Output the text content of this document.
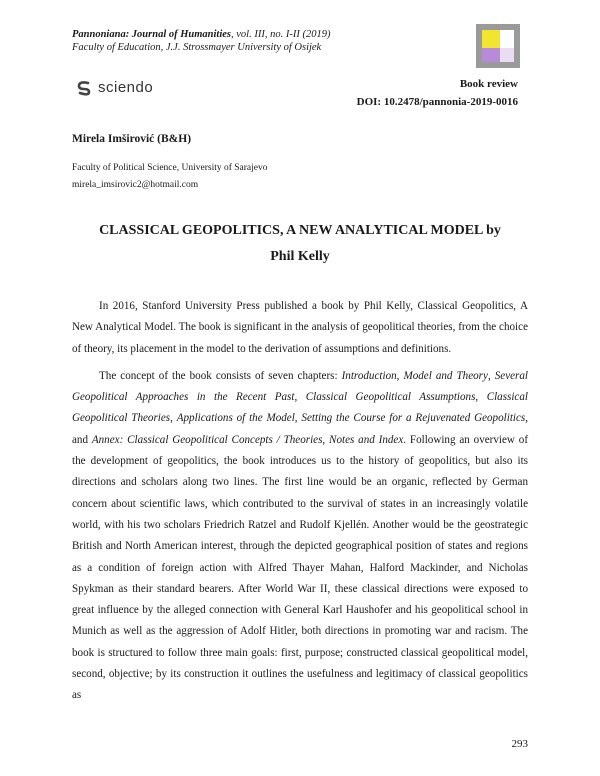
Pannoniana: Journal of Humanities, vol. III, no. I-II (2019)
Faculty of Education, J.J. Strossmayer University of Osijek
sciendo	Book review
DOI: 10.2478/pannonia-2019-0016
Mirela Imširović (B&H)
Faculty of Political Science, University of Sarajevo
mirela_imsirovic2@hotmail.com
CLASSICAL GEOPOLITICS, A NEW ANALYTICAL MODEL by
Phil Kelly

In 2016, Stanford University Press published a book by Phil Kelly, Classical Geopolitics, A New Analytical Model. The book is significant in the analysis of geopolitical theories, from the choice of theory, its placement in the model to the derivation of assumptions and definitions.

The concept of the book consists of seven chapters: Introduction, Model and Theory, Several Geopolitical Approaches in the Recent Past, Classical Geopolitical Assumptions, Classical Geopolitical Theories, Applications of the Model, Setting the Course for a Rejuvenated Geopolitics, and Annex: Classical Geopolitical Concepts / Theories, Notes and Index. Following an overview of the development of geopolitics, the book introduces us to the history of geopolitics, but also its directions and scholars along two lines. The first line would be an organic, reflected by German concern about scientific laws, which contributed to the survival of states in an increasingly volatile world, with his two scholars Friedrich Ratzel and Rudolf Kjellén. Another would be the geostrategic British and North American interest, through the depicted geographical position of states and regions as a condition of foreign action with Alfred Thayer Mahan, Halford Mackinder, and Nicholas Spykman as their standard bearers. After World War II, these classical directions were exposed to great influence by the alleged connection with General Karl Haushofer and his geopolitical school in Munich as well as the aggression of Adolf Hitler, both directions in promoting war and racism. The book is structured to follow three main goals: first, purpose; constructed classical geopolitical model, second, objective; by its construction it outlines the usefulness and legitimacy of classical geopolitics as

293
